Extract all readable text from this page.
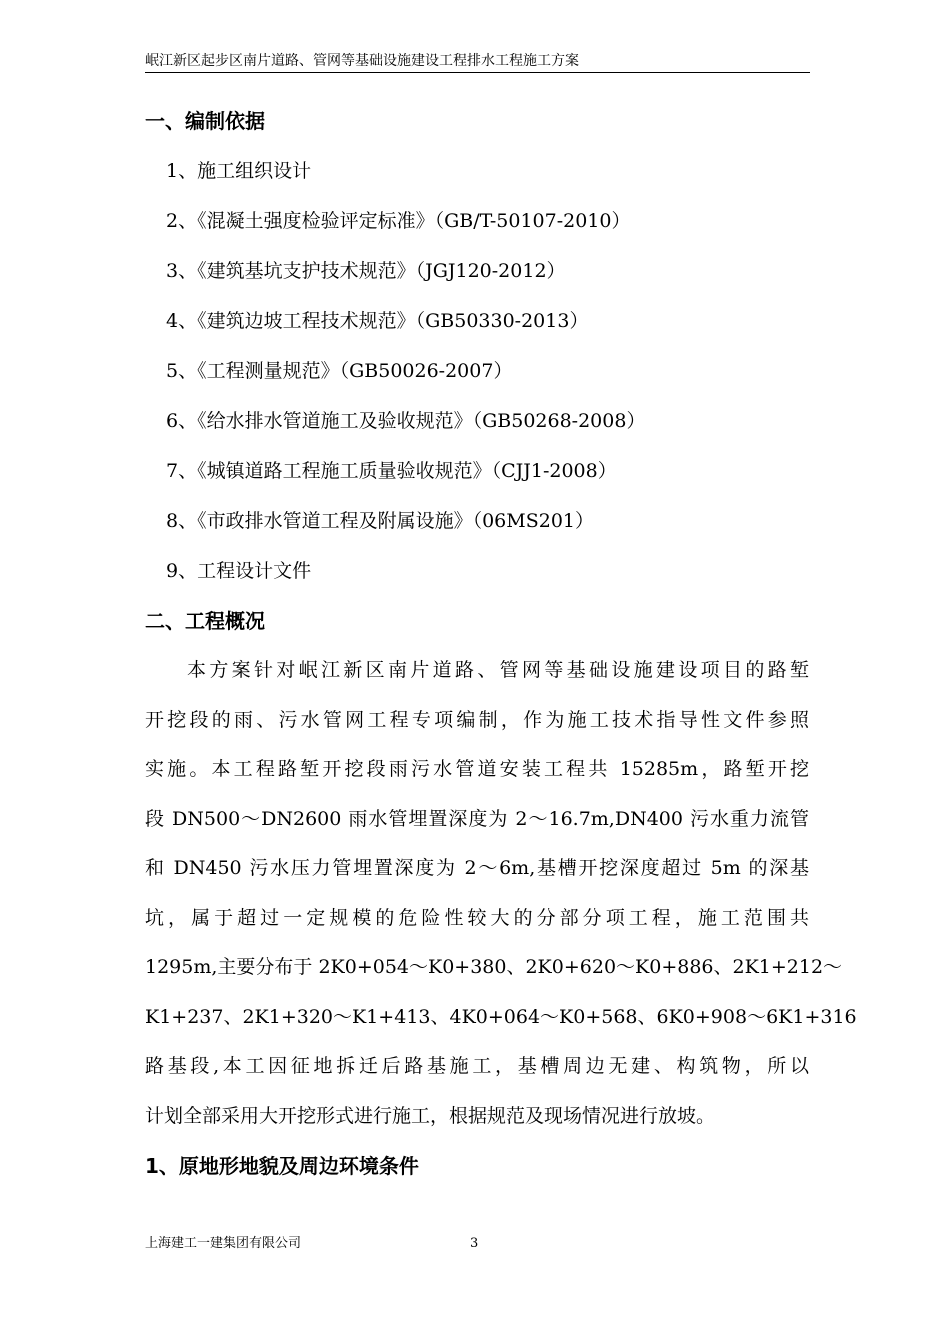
岷江新区起步区南片道路、管网等基础设施建设工程排水工程施工方案
一、编制依据
1、施工组织设计
2、《混凝土强度检验评定标准》（GB/T-50107-2010）
3、《建筑基坑支护技术规范》（JGJ120-2012）
4、《建筑边坡工程技术规范》（GB50330-2013）
5、《工程测量规范》（GB50026-2007）
6、《给水排水管道施工及验收规范》（GB50268-2008）
7、《城镇道路工程施工质量验收规范》（CJJ1-2008）
8、《市政排水管道工程及附属设施》（06MS201）
9、工程设计文件
二、工程概况

本方案针对岷江新区南片道路、管网等基础设施建设项目的路堑
开挖段的雨、污水管网工程专项编制，作为施工技术指导性文件参照
实施。本工程路堑开挖段雨污水管道安装工程共 15285m，路堑开挖
段 DN500～DN2600 雨水管埋置深度为 2～16.7m,DN400 污水重力流管
和 DN450 污水压力管埋置深度为 2～6m,基槽开挖深度超过 5m 的深基
坑，属于超过一定规模的危险性较大的分部分项工程，施工范围共
1295m,主要分布于 2K0+054～K0+380、2K0+620～K0+886、2K1+212～
K1+237、2K1+320～K1+413、4K0+064～K0+568、6K0+908～6K1+316
路基段,本工因征地拆迁后路基施工，基槽周边无建、构筑物，所以
计划全部采用大开挖形式进行施工，根据规范及现场情况进行放坡。

1、原地形地貌及周边环境条件
上海建工一建集团有限公司	3
